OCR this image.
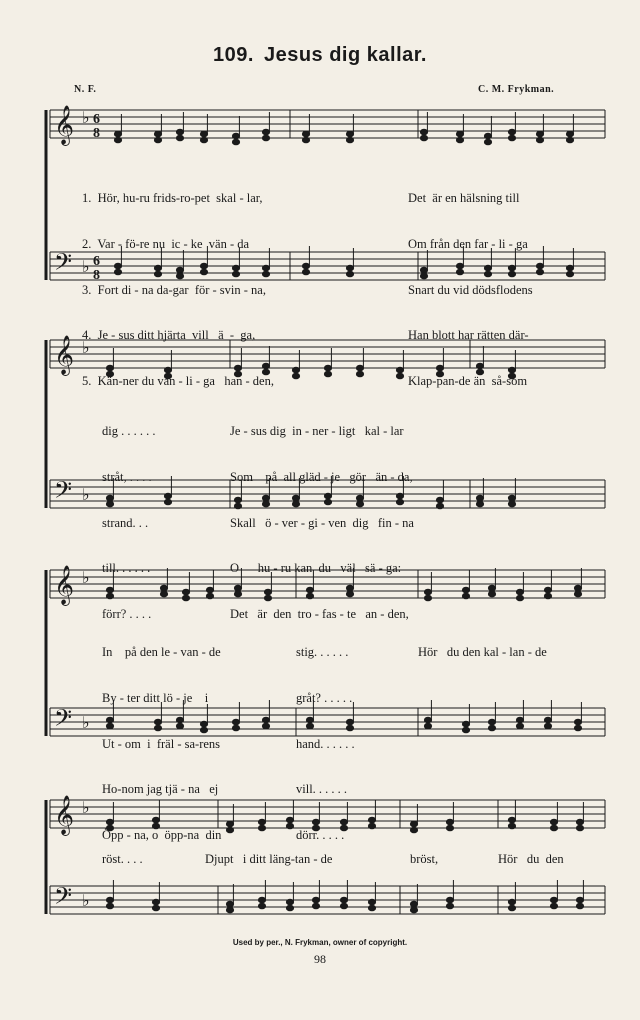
109. Jesus dig kallar.
N. F.	C. M. Frykman.
𝄞 ♭
𝄞 ♭
𝄞 ♭
𝄞 ♭
𝄢 ♭
𝄢 ♭
𝄢 ♭
𝄢 ♭
6
8
6
8

1.  Hör, hu-ru frids-ro-pet  skal - lar,

2.  Var - fö-re nu  ic - ke  vän - da

3.  Fort di - na da-gar  för - svin - na,

4.  Je - sus ditt hjärta  vill   ä  -  ga,

5.  Kän-ner du vän - li - ga   han - den,

Det  är en hälsning till

Om från den far - li - ga

Snart du vid dödsflodens

Han blott har rätten där-

Klap-pan-de än  så-som

dig . . . . . .

stråt, . . . .

strand. . .

till. . . . . .

förr? . . . .

Je - sus dig  in - ner - ligt   kal - lar

Som    på  all gläd - je   gör   än - da,

Skall   ö - ver - gi - ven  dig   fin - na

O      hu - ru kan  du   väl   sä - ga:

Det   är  den  tro - fas - te   an - den,

In    på den le - van - de

By - ter ditt lö - je    i

Ut - om  i  fräl - sa-rens

Ho-nom jag tjä - na   ej

Öpp - na, o  öpp-na  din

stig. . . . . .

gråt? . . . . .

hand. . . . . .

vill. . . . . .

dörr. . . . .

Hör   du den kal - lan - de

röst. . . .	Djupt   i ditt läng-tan - de	bröst,	Hör   du  den
Used by per., N. Frykman, owner of copyright.
98
